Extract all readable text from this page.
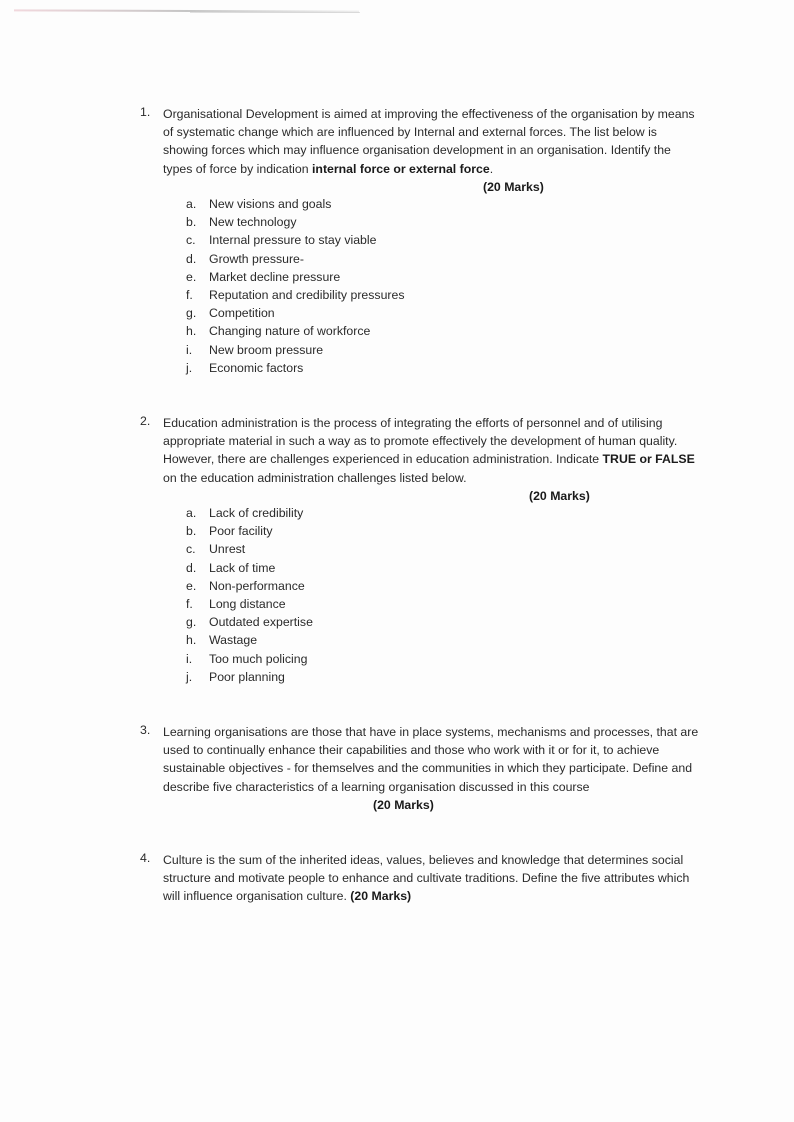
1.	Organisational Development is aimed at improving the effectiveness of the organisation by means of systematic change which are influenced by Internal and external forces. The list below is showing forces which may influence organisation development in an organisation. Identify the types of force by indication internal force or external force.
(20 Marks)
a.	New visions and goals
b.	New technology
c.	Internal pressure to stay viable
d.	Growth pressure-
e.	Market decline pressure
f.	Reputation and credibility pressures
g.	Competition
h.	Changing nature of workforce
i.	New broom pressure
j.	Economic factors
2.	Education administration is the process of integrating the efforts of personnel and of utilising appropriate material in such a way as to promote effectively the development of human quality. However, there are challenges experienced in education administration. Indicate TRUE or FALSE on the education administration challenges listed below.
(20 Marks)
a.	Lack of credibility
b.	Poor facility
c.	Unrest
d.	Lack of time
e.	Non-performance
f.	Long distance
g.	Outdated expertise
h.	Wastage
i.	Too much policing
j.	Poor planning
3.	Learning organisations are those that have in place systems, mechanisms and processes, that are used to continually enhance their capabilities and those who work with it or for it, to achieve sustainable objectives - for themselves and the communities in which they participate. Define and describe five characteristics of a learning organisation discussed in this course(20 Marks)
4.	Culture is the sum of the inherited ideas, values, believes and knowledge that determines social structure and motivate people to enhance and cultivate traditions. Define the five attributes which will influence organisation culture. (20 Marks)
